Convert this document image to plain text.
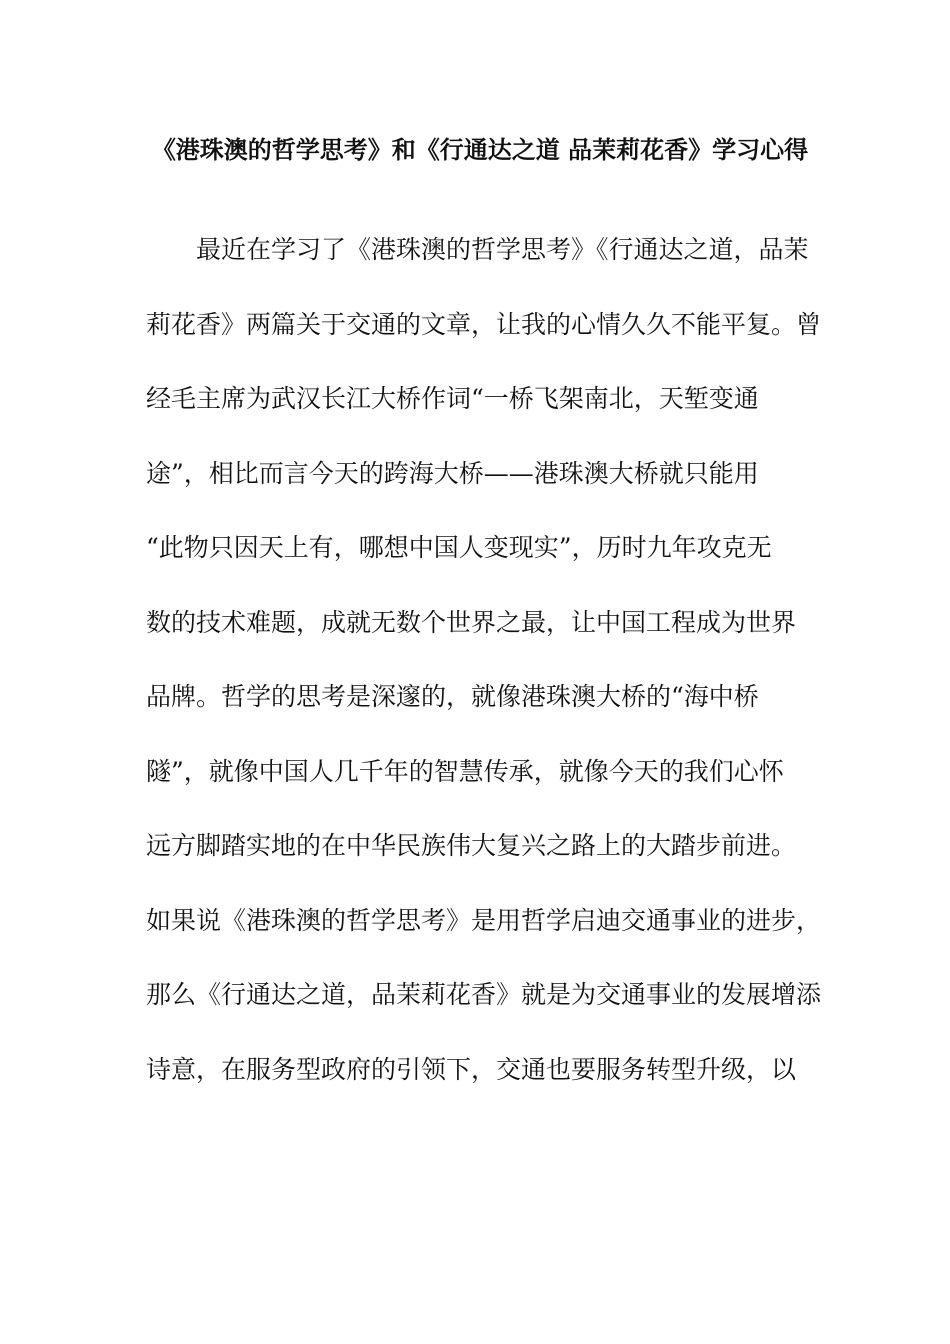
《港珠澳的哲学思考》和《行通达之道 品茉莉花香》学习心得
最近在学习了《港珠澳的哲学思考》《行通达之道，品茉
莉花香》两篇关于交通的文章，让我的心情久久不能平复。曾
经毛主席为武汉长江大桥作词“一桥飞架南北，天堑变通
途”，相比而言今天的跨海大桥——港珠澳大桥就只能用
“此物只因天上有，哪想中国人变现实”，历时九年攻克无
数的技术难题，成就无数个世界之最，让中国工程成为世界
品牌。哲学的思考是深邃的，就像港珠澳大桥的“海中桥
隧”，就像中国人几千年的智慧传承，就像今天的我们心怀
远方脚踏实地的在中华民族伟大复兴之路上的大踏步前进。
如果说《港珠澳的哲学思考》是用哲学启迪交通事业的进步，
那么《行通达之道，品茉莉花香》就是为交通事业的发展增添
诗意，在服务型政府的引领下，交通也要服务转型升级，以
